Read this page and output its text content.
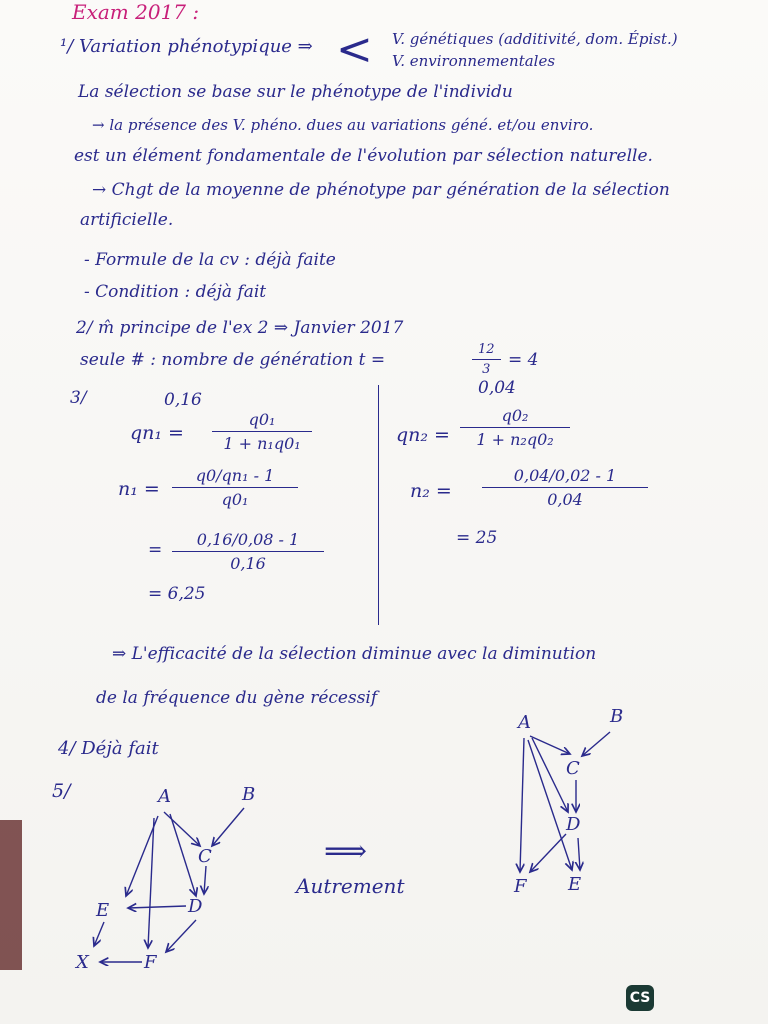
Exam 2017 :
¹/ Variation phénotypique ⇒ < V. génétiques (additivité, dom. Épist.)
V. environnementales
La sélection se base sur le phénotype de l'individu
→ la présence des V. phéno. dues au variations géné. et/ou enviro.
est un élément fondamentale de l'évolution par sélection naturelle.
→ Chgt de la moyenne de phénotype par génération de la sélection
artificielle.
- Formule de la cv : déjà faite
- Condition : déjà fait
2/ m̂ principe de l'ex 2 ⇒ Janvier 2017
seule # : nombre de génération t =
12
3	= 4
3/	0,16
0,04
qn₁ =
q0₁
1 + n₁q0₁
n₁ =
q0/qn₁ - 1
q0₁
=
0,16/0,08 - 1
0,16
= 6,25
qn₂ =
q0₂
1 + n₂q0₂
n₂ =
0,04/0,02 - 1
0,04
= 25
⇒ L'efficacité de la sélection diminue avec la diminution
de la fréquence du gène récessif
4/ Déjà fait
5/	A	B
C
D
E
F
X
⟹
Autrement
A	B
C
D
F E
CS
